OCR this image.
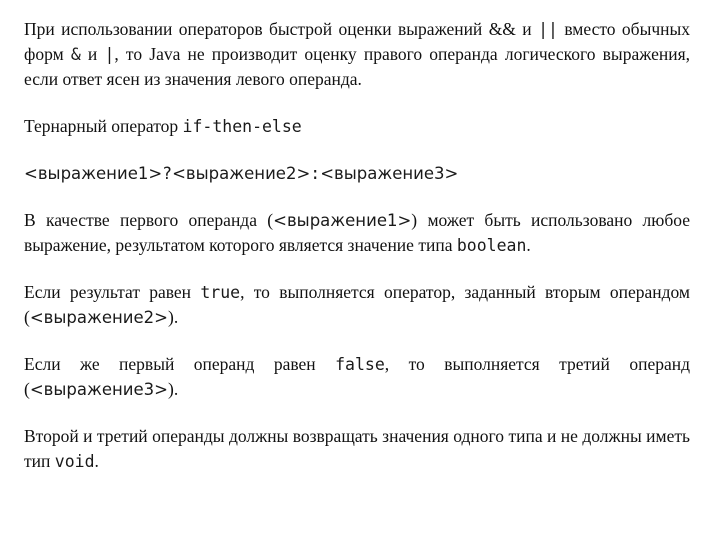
При использовании операторов быстрой оценки выражений && и || вместо обычных форм & и |, то Java не производит оценку правого операнда логического выражения, если ответ ясен из значения левого операнда.

Тернарный оператор if-then-else

<выражение1>?<выражение2>:<выражение3>

В качестве первого операнда (<выражение1>) может быть использовано любое выражение, результатом которого является значение типа boolean.

Если результат равен true, то выполняется оператор, заданный вторым операндом (<выражение2>).

Если же первый операнд равен false, то выполняется третий операнд (<выражение3>).

Второй и третий операнды должны возвращать значения одного типа и не должны иметь тип void.
